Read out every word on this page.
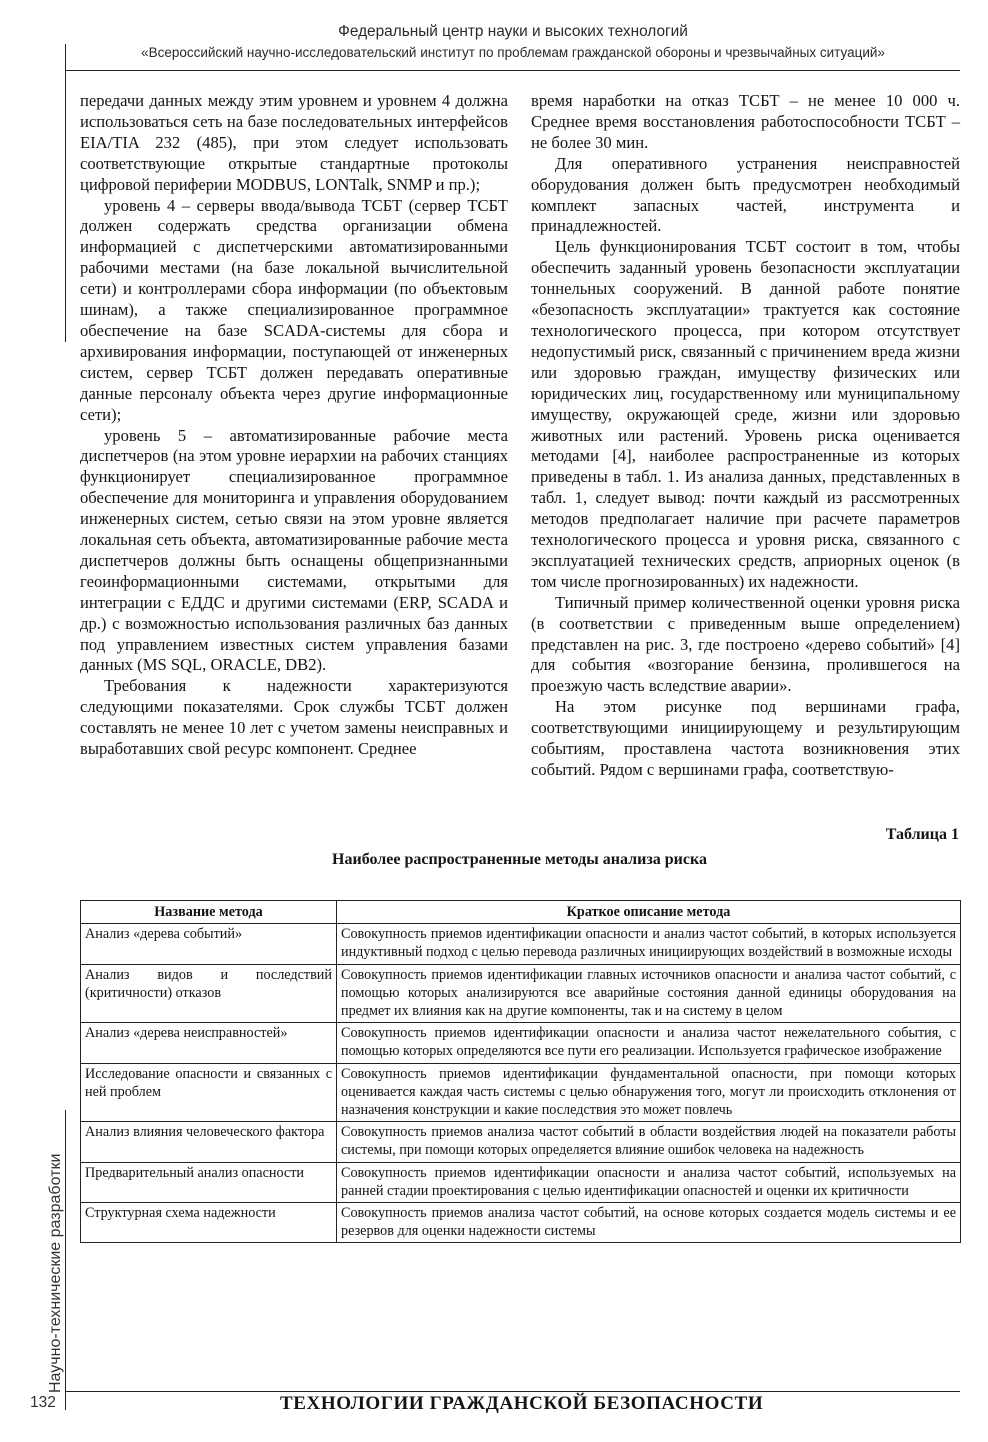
Федеральный центр науки и высоких технологий
«Всероссийский научно-исследовательский институт по проблемам гражданской обороны и чрезвычайных ситуаций»

передачи данных между этим уровнем и уровнем 4 должна использоваться сеть на базе последовательных интерфейсов EIA/TIA 232 (485), при этом следует использовать соответствующие открытые стандартные протоколы цифровой периферии MODBUS, LONTalk, SNMP и пр.);

уровень 4 – серверы ввода/вывода ТСБТ (сервер ТСБТ должен содержать средства организации обмена информацией с диспетчерскими автоматизированными рабочими местами (на базе локальной вычислительной сети) и контроллерами сбора информации (по объектовым шинам), а также специализированное программное обеспечение на базе SCADA-системы для сбора и архивирования информации, поступающей от инженерных систем, сервер ТСБТ должен передавать оперативные данные персоналу объекта через другие информационные сети);

уровень 5 – автоматизированные рабочие места диспетчеров (на этом уровне иерархии на рабочих станциях функционирует специализированное программное обеспечение для мониторинга и управления оборудованием инженерных систем, сетью связи на этом уровне является локальная сеть объекта, автоматизированные рабочие места диспетчеров должны быть оснащены общепризнанными геоинформационными системами, открытыми для интеграции с ЕДДС и другими системами (ERP, SCADA и др.) с возможностью использования различных баз данных под управлением известных систем управления базами данных (MS SQL, ORACLE, DB2).

Требования к надежности характеризуются следующими показателями. Срок службы ТСБТ должен составлять не менее 10 лет с учетом замены неисправных и выработавших свой ресурс компонент. Среднее

время наработки на отказ ТСБТ – не менее 10 000 ч. Среднее время восстановления работоспособности ТСБТ – не более 30 мин.

Для оперативного устранения неисправностей оборудования должен быть предусмотрен необходимый комплект запасных частей, инструмента и принадлежностей.

Цель функционирования ТСБТ состоит в том, чтобы обеспечить заданный уровень безопасности эксплуатации тоннельных сооружений. В данной работе понятие «безопасность эксплуатации» трактуется как состояние технологического процесса, при котором отсутствует недопустимый риск, связанный с причинением вреда жизни или здоровью граждан, имуществу физических или юридических лиц, государственному или муниципальному имуществу, окружающей среде, жизни или здоровью животных или растений. Уровень риска оценивается методами [4], наиболее распространенные из которых приведены в табл. 1. Из анализа данных, представленных в табл. 1, следует вывод: почти каждый из рассмотренных методов предполагает наличие при расчете параметров технологического процесса и уровня риска, связанного с эксплуатацией технических средств, априорных оценок (в том числе прогнозированных) их надежности.

Типичный пример количественной оценки уровня риска (в соответствии с приведенным выше определением) представлен на рис. 3, где построено «дерево событий» [4] для события «возгорание бензина, пролившегося на проезжую часть вследствие аварии».

На этом рисунке под вершинами графа, соответствующими инициирующему и результирующим событиям, проставлена частота возникновения этих событий. Рядом с вершинами графа, соответствую-

Таблица 1
Наиболее распространенные методы анализа риска
Название метода	Краткое описание метода
Анализ «дерева событий»	Совокупность приемов идентификации опасности и анализ частот событий, в которых используется индуктивный подход с целью перевода различных инициирующих воздействий в возможные исходы
Анализ видов и последствий (критичности) отказов	Совокупность приемов идентификации главных источников опасности и анализа частот событий, с помощью которых анализируются все аварийные состояния данной единицы оборудования на предмет их влияния как на другие компоненты, так и на систему в целом
Анализ «дерева неисправностей»	Совокупность приемов идентификации опасности и анализа частот нежелательного события, с помощью которых определяются все пути его реализации. Используется графическое изображение
Исследование опасности и связанных с ней проблем	Совокупность приемов идентификации фундаментальной опасности, при помощи которых оценивается каждая часть системы с целью обнаружения того, могут ли происходить отклонения от назначения конструкции и какие последствия это может повлечь
Анализ влияния человеческого фактора	Совокупность приемов анализа частот событий в области воздействия людей на показатели работы системы, при помощи которых определяется влияние ошибок человека на надежность
Предварительный анализ опасности	Совокупность приемов идентификации опасности и анализа частот событий, используемых на ранней стадии проектирования с целью идентификации опасностей и оценки их критичности
Структурная схема надежности	Совокупность приемов анализа частот событий, на основе которых создается модель системы и ее резервов для оценки надежности системы
Научно-технические разработки
132	ТЕХНОЛОГИИ ГРАЖДАНСКОЙ БЕЗОПАСНОСТИ
